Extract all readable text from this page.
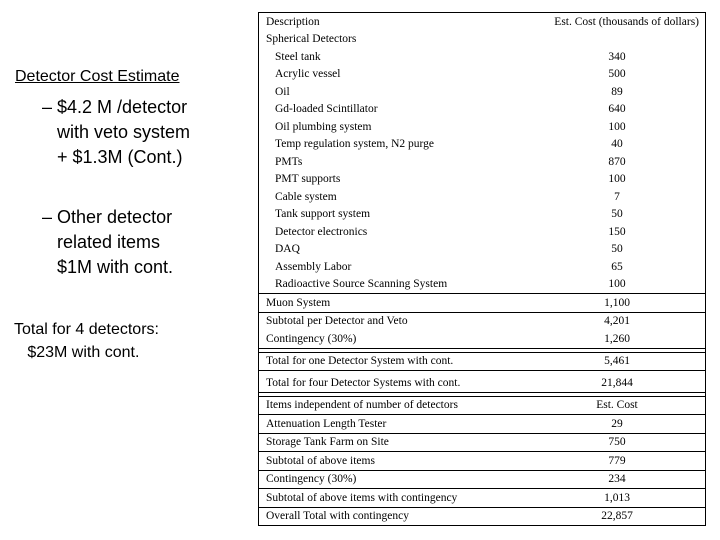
Detector Cost Estimate
– $4.2 M /detector
with veto system
+ $1.3M (Cont.)
– Other detector
related items
$1M with cont.
Total for 4 detectors:
$23M with cont.
Description	Est. Cost (thousands of dollars)
Spherical Detectors
Steel tank	340
Acrylic vessel	500
Oil	89
Gd-loaded Scintillator	640
Oil plumbing system	100
Temp regulation system, N2 purge	40
PMTs	870
PMT supports	100
Cable system	7
Tank support system	50
Detector electronics	150
DAQ	50
Assembly Labor	65
Radioactive Source Scanning System	100
Muon System	1,100
Subtotal per Detector and Veto	4,201
Contingency (30%)	1,260
Total for one Detector System with cont.	5,461
Total for four Detector Systems with cont.	21,844
Items independent of number of detectors	Est. Cost
Attenuation Length Tester	29
Storage Tank Farm on Site	750
Subtotal of above items	779
Contingency (30%)	234
Subtotal of above items with contingency	1,013
Overall Total with contingency	22,857
